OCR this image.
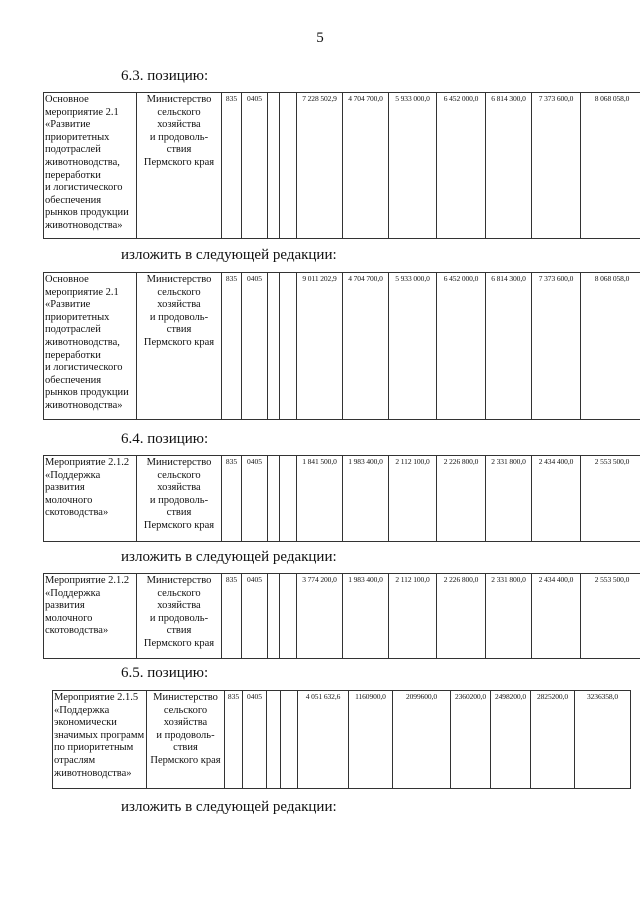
5
6.3. позицию:
Основное
мероприятие 2.1
«Развитие
приоритетных
подотраслей
животноводства,
переработки
и логистического
обеспечения
рынков продукции
животноводства»	Министерство
сельского
хозяйства
и продоволь-
ствия
Пермского края	835	0405			7 228 502,9	4 704 700,0	5 933 000,0	6 452 000,0	6 814 300,0	7 373 600,0	8 068 058,0
изложить в следующей редакции:
Основное
мероприятие 2.1
«Развитие
приоритетных
подотраслей
животноводства,
переработки
и логистического
обеспечения
рынков продукции
животноводства»	Министерство
сельского
хозяйства
и продоволь-
ствия
Пермского края	835	0405			9 011 202,9	4 704 700,0	5 933 000,0	6 452 000,0	6 814 300,0	7 373 600,0	8 068 058,0
6.4. позицию:
Мероприятие 2.1.2
«Поддержка
развития
молочного
скотоводства»	Министерство
сельского
хозяйства
и продоволь-
ствия
Пермского края	835	0405			1 841 500,0	1 983 400,0	2 112 100,0	2 226 800,0	2 331 800,0	2 434 400,0	2 553 500,0
изложить в следующей редакции:
Мероприятие 2.1.2
«Поддержка
развития
молочного
скотоводства»	Министерство
сельского
хозяйства
и продоволь-
ствия
Пермского края	835	0405			3 774 200,0	1 983 400,0	2 112 100,0	2 226 800,0	2 331 800,0	2 434 400,0	2 553 500,0
6.5. позицию:
Мероприятие 2.1.5
«Поддержка
экономически
значимых программ
по приоритетным
отраслям
животноводства»	Министерство
сельского
хозяйства
и продоволь-
ствия
Пермского края	835	0405			4 051 632,6	1160900,0	2099600,0	2360200,0	2498200,0	2825200,0	3236358,0
изложить в следующей редакции:
